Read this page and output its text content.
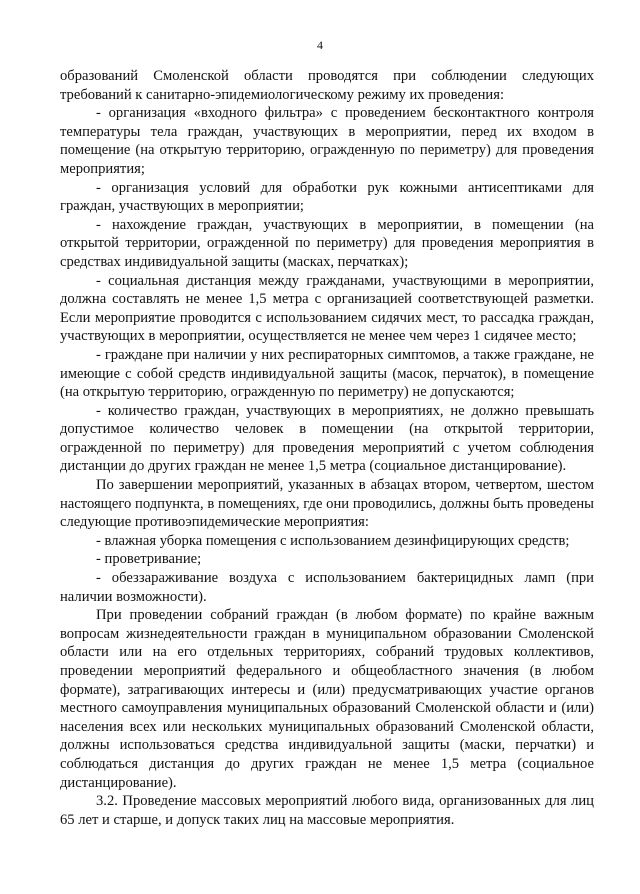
4

образований Смоленской области проводятся при соблюдении следующих требований к санитарно-эпидемиологическому режиму их проведения:

- организация «входного фильтра» с проведением бесконтактного контроля температуры тела граждан, участвующих в мероприятии, перед их входом в помещение (на открытую территорию, огражденную по периметру) для проведения мероприятия;

- организация условий для обработки рук кожными антисептиками для граждан, участвующих в мероприятии;

- нахождение граждан, участвующих в мероприятии, в помещении (на открытой территории, огражденной по периметру) для проведения мероприятия в средствах индивидуальной защиты (масках, перчатках);

- социальная дистанция между гражданами, участвующими в мероприятии, должна составлять не менее 1,5 метра с организацией соответствующей разметки. Если мероприятие проводится с использованием сидячих мест, то рассадка граждан, участвующих в мероприятии, осуществляется не менее чем через 1 сидячее место;

- граждане при наличии у них респираторных симптомов, а также граждане, не имеющие с собой средств индивидуальной защиты (масок, перчаток), в помещение (на открытую территорию, огражденную по периметру) не допускаются;

- количество граждан, участвующих в мероприятиях, не должно превышать допустимое количество человек в помещении (на открытой территории, огражденной по периметру) для проведения мероприятий с учетом соблюдения дистанции до других граждан не менее 1,5 метра (социальное дистанцирование).

По завершении мероприятий, указанных в абзацах втором, четвертом, шестом настоящего подпункта, в помещениях, где они проводились, должны быть проведены следующие противоэпидемические мероприятия:

- влажная уборка помещения с использованием дезинфицирующих средств;

- проветривание;

- обеззараживание воздуха с использованием бактерицидных ламп (при наличии возможности).

При проведении собраний граждан (в любом формате) по крайне важным вопросам жизнедеятельности граждан в муниципальном образовании Смоленской области или на его отдельных территориях, собраний трудовых коллективов, проведении мероприятий федерального и общеобластного значения (в любом формате), затрагивающих интересы и (или) предусматривающих участие органов местного самоуправления муниципальных образований Смоленской области и (или) населения всех или нескольких муниципальных образований Смоленской области, должны использоваться средства индивидуальной защиты (маски, перчатки) и соблюдаться дистанция до других граждан не менее 1,5 метра (социальное дистанцирование).

3.2. Проведение массовых мероприятий любого вида, организованных для лиц 65 лет и старше, и допуск таких лиц на массовые мероприятия.
